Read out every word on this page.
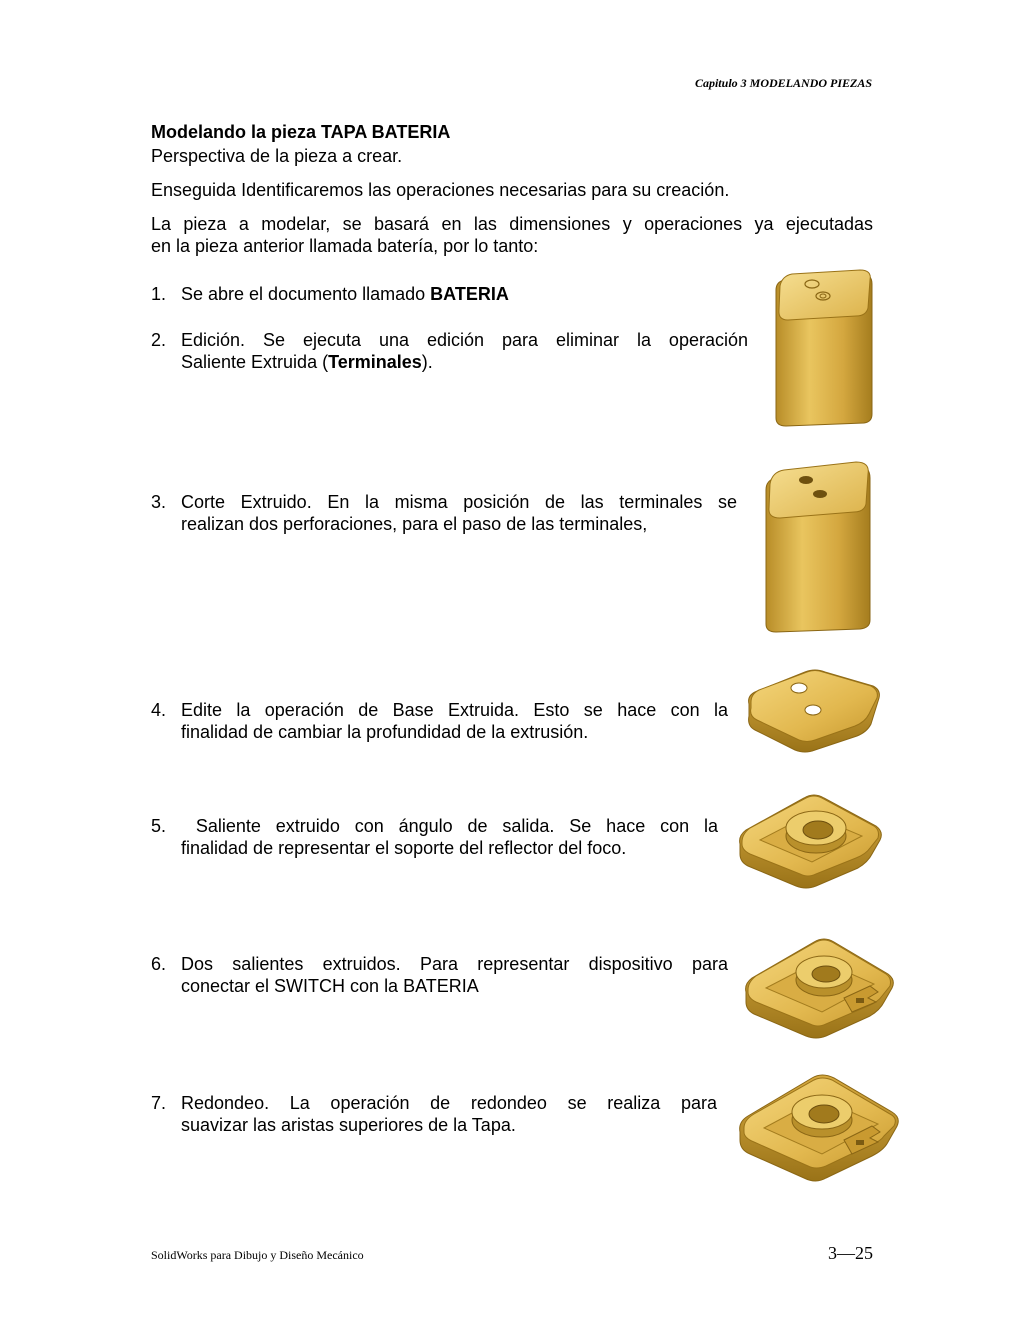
Capitulo 3 MODELANDO PIEZAS
Modelando la pieza TAPA BATERIA
Perspectiva de la pieza a crear.
Enseguida Identificaremos las operaciones necesarias para su creación.
La pieza a modelar, se basará en las dimensiones y operaciones ya ejecutadas
en la pieza anterior llamada batería, por lo tanto:
1. Se abre el documento llamado BATERIA
2. Edición. Se ejecuta una edición para eliminar la operación
Saliente Extruida (Terminales).
3. Corte Extruido. En la misma posición de las terminales se
realizan dos perforaciones, para el paso de las terminales,
4. Edite la operación de Base Extruida. Esto se hace con la
finalidad de cambiar la profundidad de la extrusión.
5. Saliente extruido con ángulo de salida. Se hace con la
finalidad de representar el soporte del reflector del foco.
6. Dos salientes extruidos. Para representar dispositivo para
conectar el SWITCH con la BATERIA
7. Redondeo. La operación de redondeo se realiza para
suavizar las aristas superiores de la Tapa.
SolidWorks para Dibujo y Diseño Mecánico	3—25
